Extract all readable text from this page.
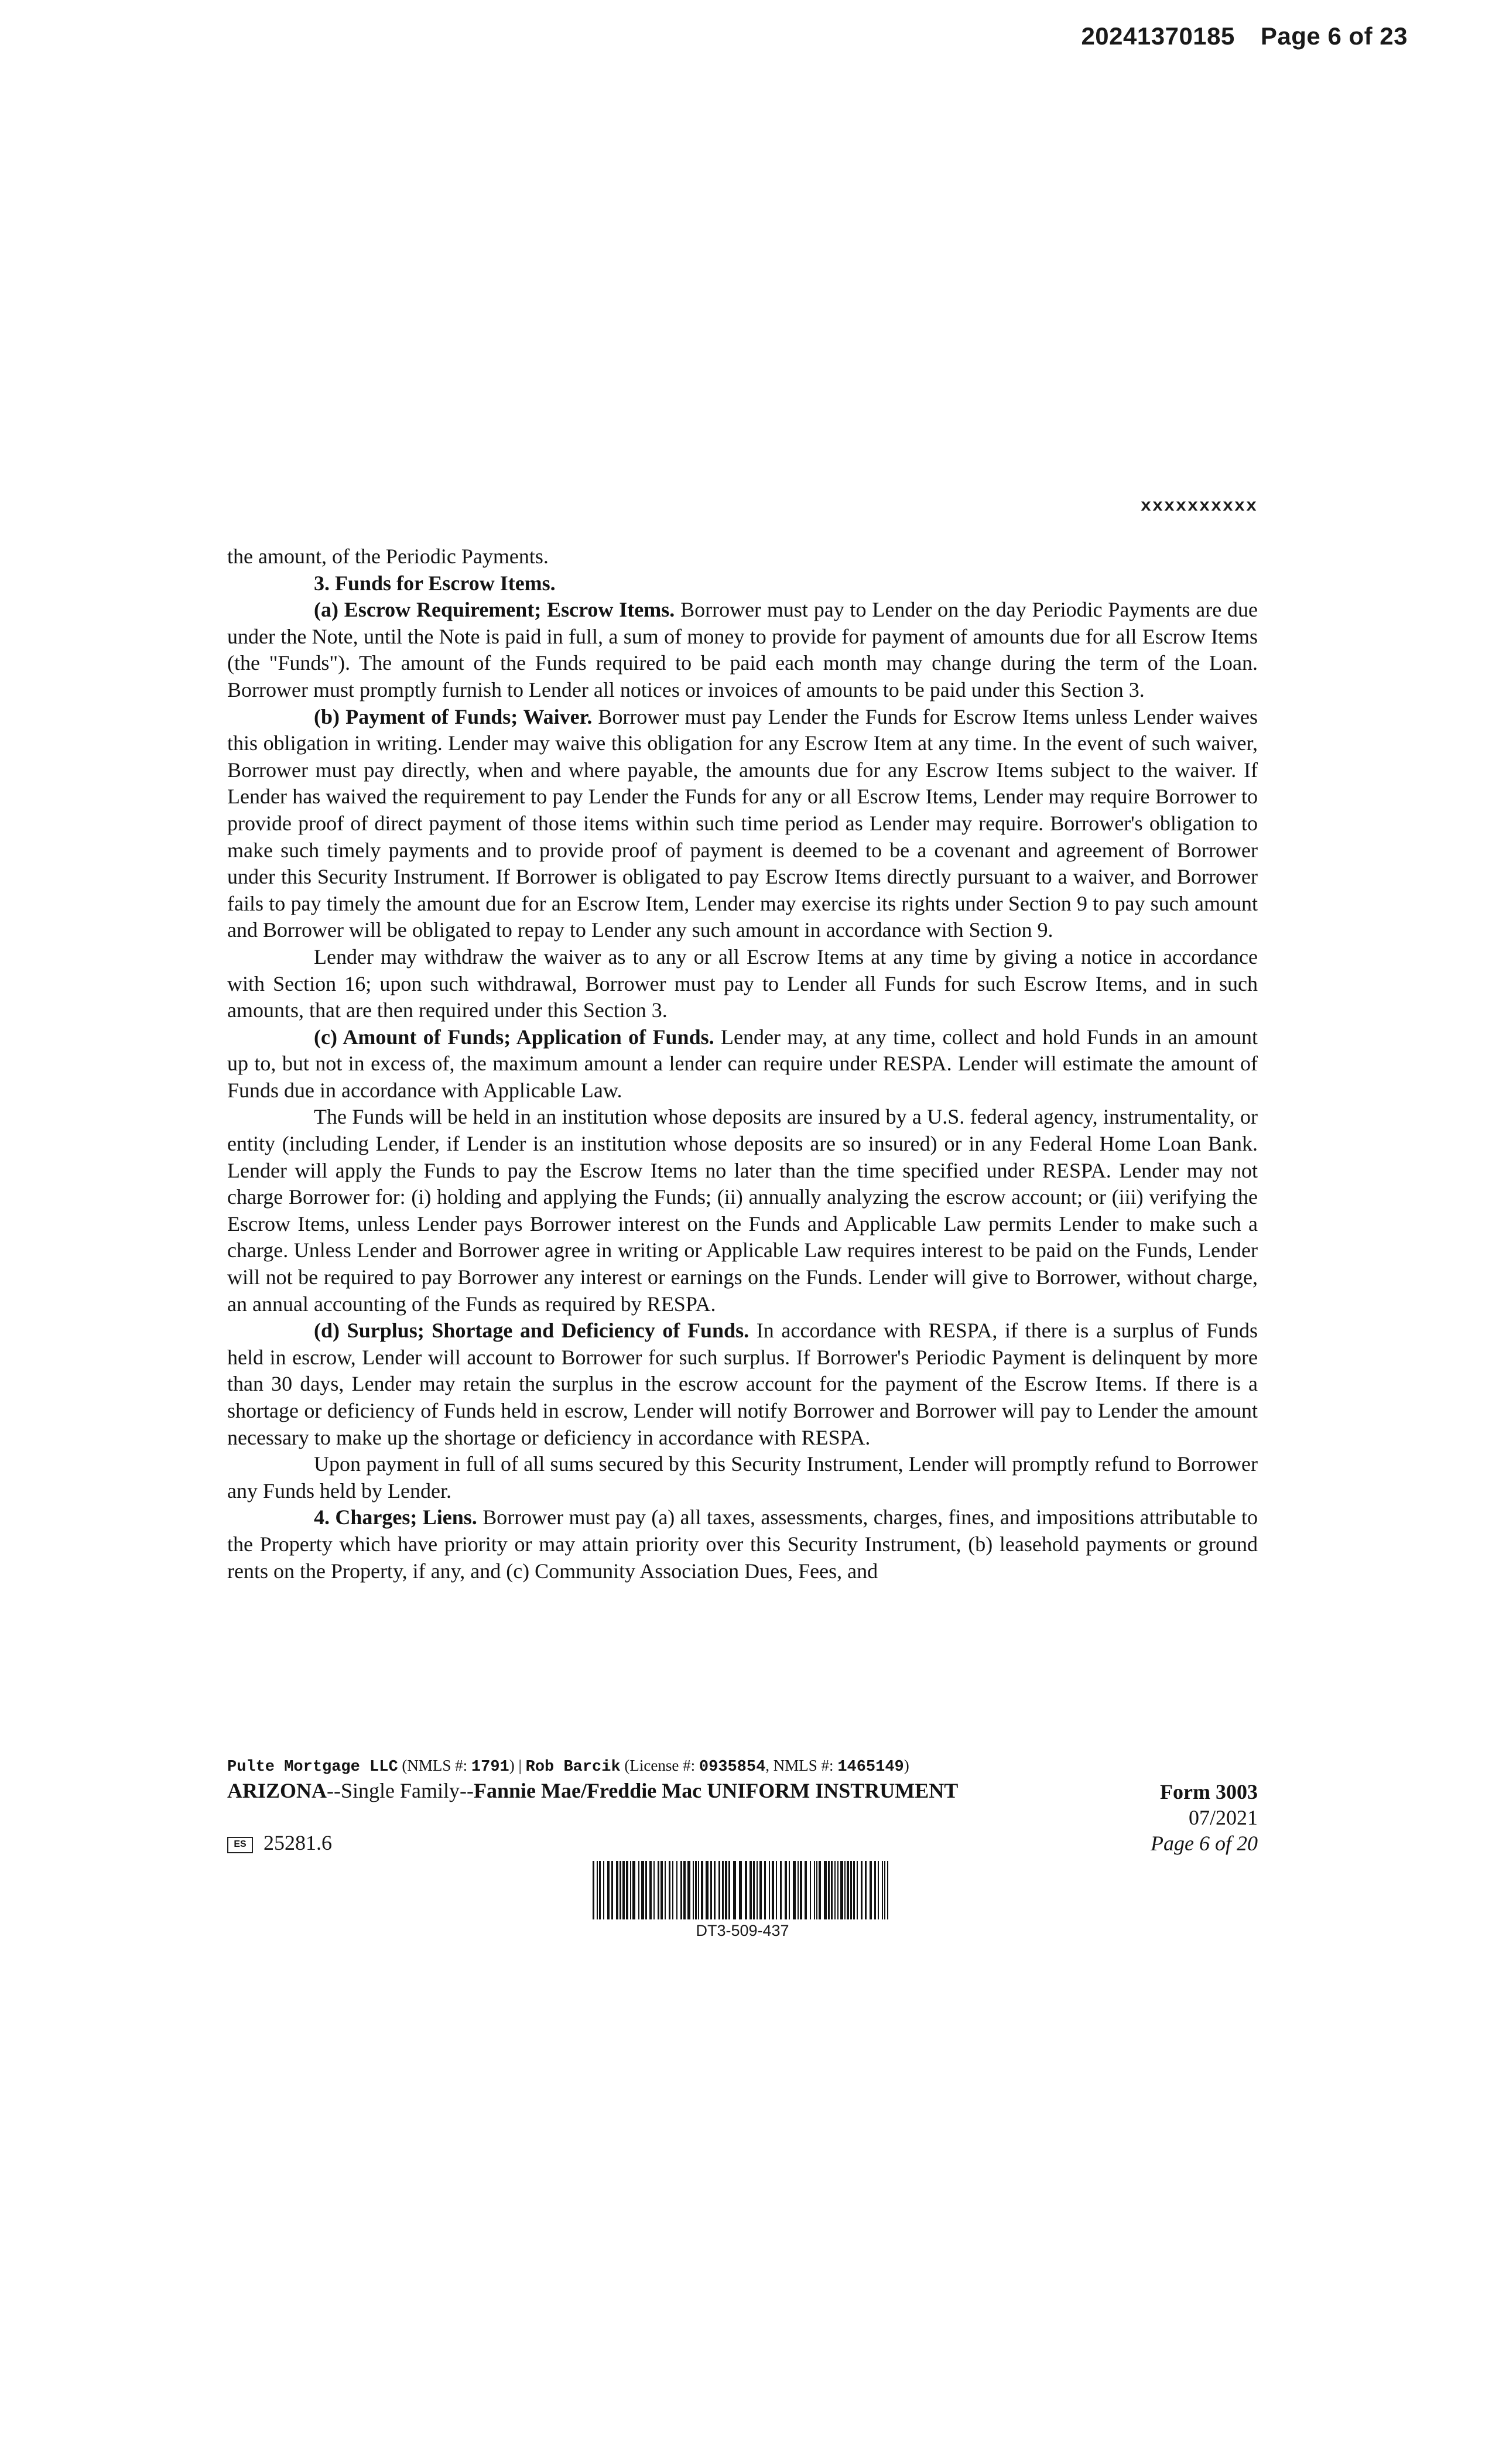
20241370185 Page 6 of 23
xxxxxxxxxx

the amount, of the Periodic Payments.

3. Funds for Escrow Items.

(a) Escrow Requirement; Escrow Items. Borrower must pay to Lender on the day Periodic Payments are due under the Note, until the Note is paid in full, a sum of money to provide for payment of amounts due for all Escrow Items (the "Funds"). The amount of the Funds required to be paid each month may change during the term of the Loan. Borrower must promptly furnish to Lender all notices or invoices of amounts to be paid under this Section 3.

(b) Payment of Funds; Waiver. Borrower must pay Lender the Funds for Escrow Items unless Lender waives this obligation in writing. Lender may waive this obligation for any Escrow Item at any time. In the event of such waiver, Borrower must pay directly, when and where payable, the amounts due for any Escrow Items subject to the waiver. If Lender has waived the requirement to pay Lender the Funds for any or all Escrow Items, Lender may require Borrower to provide proof of direct payment of those items within such time period as Lender may require. Borrower's obligation to make such timely payments and to provide proof of payment is deemed to be a covenant and agreement of Borrower under this Security Instrument. If Borrower is obligated to pay Escrow Items directly pursuant to a waiver, and Borrower fails to pay timely the amount due for an Escrow Item, Lender may exercise its rights under Section 9 to pay such amount and Borrower will be obligated to repay to Lender any such amount in accordance with Section 9.

Lender may withdraw the waiver as to any or all Escrow Items at any time by giving a notice in accordance with Section 16; upon such withdrawal, Borrower must pay to Lender all Funds for such Escrow Items, and in such amounts, that are then required under this Section 3.

(c) Amount of Funds; Application of Funds. Lender may, at any time, collect and hold Funds in an amount up to, but not in excess of, the maximum amount a lender can require under RESPA. Lender will estimate the amount of Funds due in accordance with Applicable Law.

The Funds will be held in an institution whose deposits are insured by a U.S. federal agency, instrumentality, or entity (including Lender, if Lender is an institution whose deposits are so insured) or in any Federal Home Loan Bank. Lender will apply the Funds to pay the Escrow Items no later than the time specified under RESPA. Lender may not charge Borrower for: (i) holding and applying the Funds; (ii) annually analyzing the escrow account; or (iii) verifying the Escrow Items, unless Lender pays Borrower interest on the Funds and Applicable Law permits Lender to make such a charge. Unless Lender and Borrower agree in writing or Applicable Law requires interest to be paid on the Funds, Lender will not be required to pay Borrower any interest or earnings on the Funds. Lender will give to Borrower, without charge, an annual accounting of the Funds as required by RESPA.

(d) Surplus; Shortage and Deficiency of Funds. In accordance with RESPA, if there is a surplus of Funds held in escrow, Lender will account to Borrower for such surplus. If Borrower's Periodic Payment is delinquent by more than 30 days, Lender may retain the surplus in the escrow account for the payment of the Escrow Items. If there is a shortage or deficiency of Funds held in escrow, Lender will notify Borrower and Borrower will pay to Lender the amount necessary to make up the shortage or deficiency in accordance with RESPA.

Upon payment in full of all sums secured by this Security Instrument, Lender will promptly refund to Borrower any Funds held by Lender.

4. Charges; Liens. Borrower must pay (a) all taxes, assessments, charges, fines, and impositions attributable to the Property which have priority or may attain priority over this Security Instrument, (b) leasehold payments or ground rents on the Property, if any, and (c) Community Association Dues, Fees, and

Pulte Mortgage LLC (NMLS #: 1791) | Rob Barcik (License #: 0935854, NMLS #: 1465149)
ARIZONA--Single Family--Fannie Mae/Freddie Mac UNIFORM INSTRUMENT	Form 3003
07/2021
Page 6 of 20
ES 25281.6
DT3-509-437
